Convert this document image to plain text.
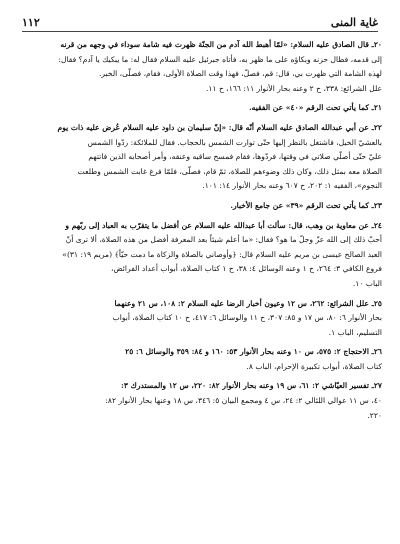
١١٢	غاية المنى
٢٠ـ قال الصادق عليه السلام: «لمّا أهبط الله آدم من الجنّة ظهرت فيه شامة سوداء في وجهه من قرنه
إلى قدمه، فطال حزنه وبكاؤه على ما ظهر به، فأتاه جبرئيل عليه السلام فقال له: ما يبكيك يا آدم؟ فقال:
لهذه الشامة التي ظهرت بي، قال: قم، فصلّ، فهذا وقت الصلاة الأولى، فقام، فصلّى، الخبر.
علل الشرائع: ٣٣٨، ح ٢ وعنه بحار الأنوار ١١: ١٦٦، ح ١١.
٢١ـ كما يأتي تحت الرقم «٤٠» عن الفقيه.
٢٢ـ عن أبي عبدالله الصادق عليه السلام أنّه قال: «إنّ سليمان بن داود عليه السلام عُرض عليه ذات يوم
بالعشيّ الخيل، فاشتغل بالنظر إليها حتّى توارت الشمس بالحجاب. فقال للملائكة: ردّوا الشمس
عليّ حتّى أصلّي صلاتي في وقتها، فردّوها، فقام فمسح ساقيه وعنقه، وأمر أصحابه الذين فاتتهم
الصلاة معه بمثل ذلك، وكان ذلك وضوءهم للصلاة، ثمّ قام، فصلّى، فلمّا فرغ غابت الشمس وطلعت
النجوم»، الفقيه ١: ٢٠٢، ح ٦٠٧ وعنه بحار الأنوار ١٤: ١٠١.
٢٣ـ كما يأتي تحت الرقم «٣٩» عن جامع الأخبار.
٢٤ـ عن معاوية بن وهب، قال: سألت أبا عبدالله عليه السلام عن أفضل ما يتقرّب به العباد إلى ربّهم و
أحبّ ذلك إلى الله عزّ وجلّ ما هو؟ فقال: «ما أعلم شيئاً بعد المعرفة أفضل من هذه الصلاة، ألا ترى أنّ
العبد الصالح عيسى بن مريم عليه السلام قال: ﴿وأوصاني بالصلاة والزكاة ما دمت حيّاً﴾ (مريم ١٩: ٣١)»
فروع الكافي ٣: ٢٦٤، ح ١ وعنه الوسائل ٤: ٣٨، ح ١ كتاب الصلاة، أبواب أعداد الفرائض،
الباب ١٠.
٢٥ـ علل الشرائع: ٢٦٢، س ١٢ وعيون أخبار الرضا عليه السلام ٢: ١٠٨، س ٢١ وعنهما
بحار الأنوار ٦: ٨٠، س ١٧ و ٨٥: ٣٠٧، ح ١١ والوسائل ٦: ٤١٧، ح ١٠ كتاب الصلاة، أبواب
التسليم، الباب ١.
٢٦ـ الاحتجاج ٢: ٥٧٥، س ١٠ وعنه بحار الأنوار ٥٣: ١٦٠ و ٨٤: ٣٥٩ والوسائل ٦: ٢٥
كتاب الصلاة، أبواب تكبيرة الإحرام، الباب ٨.
٢٧ـ تفسير العيّاشي ٢: ٦١، س ١٩ وعنه بحار الأنوار ٨٢: ٢٢٠، س ١٢ والمستدرك ٣:
٤٠، س ١١ عوالي اللئالي ٢: ٢٤، س ٤ ومجمع البيان ٥: ٣٤٦، س ١٨ وعنها بحار الأنوار ٨٢:
٢٢٠.
